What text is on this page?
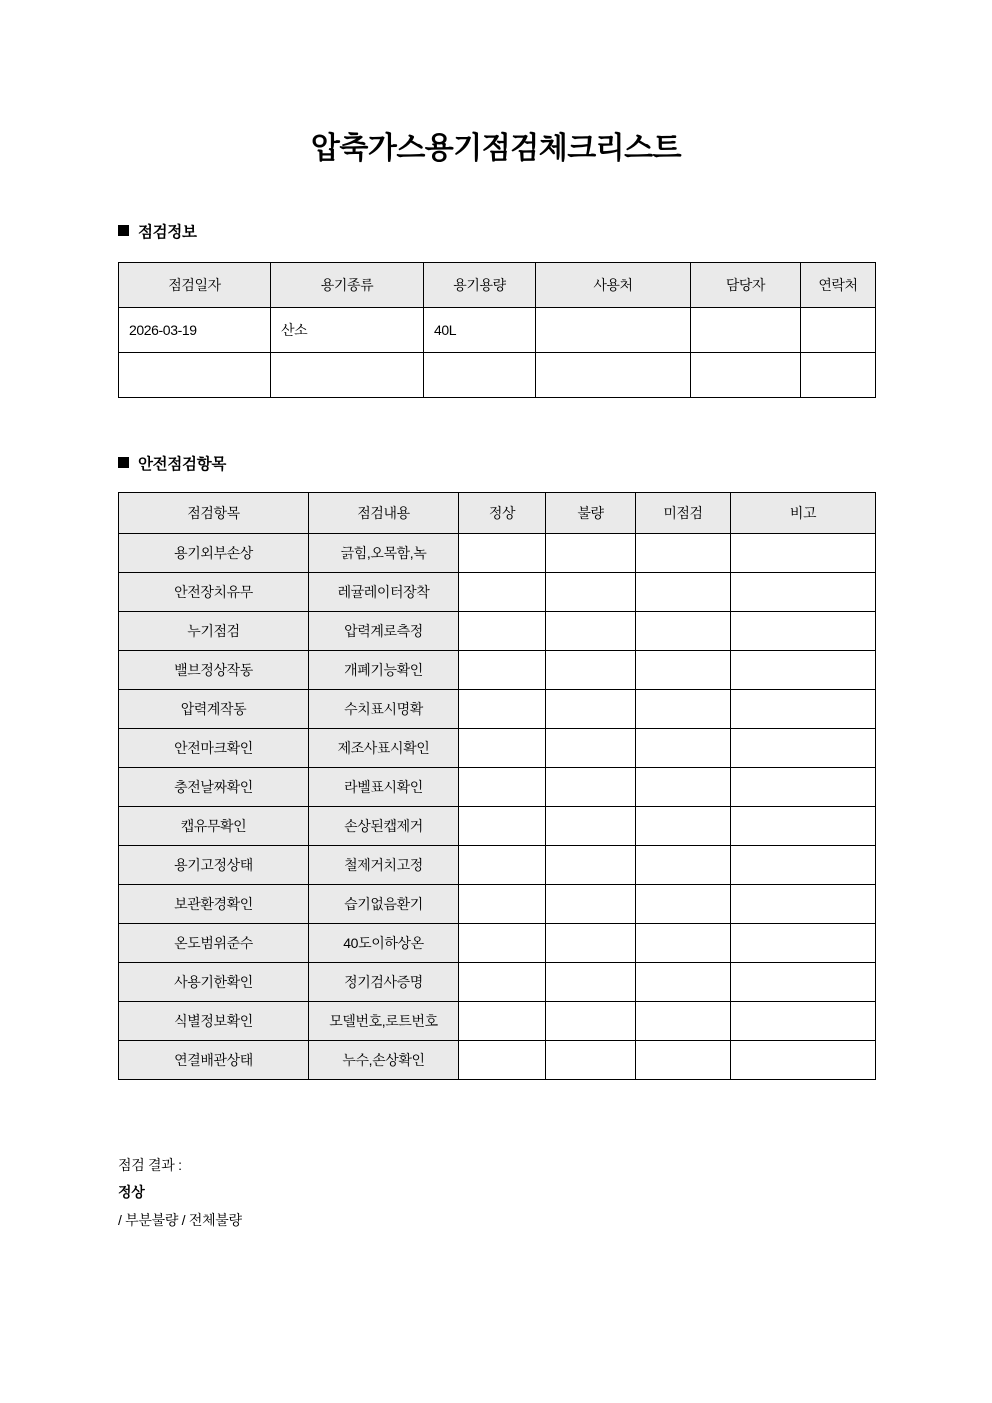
압축가스용기점검체크리스트
점검정보
점검일자	용기종류	용기용량	사용처	담당자	연락처
2026-03-19	산소	40L			

안전점검항목
점검항목	점검내용	정상	불량	미점검	비고
용기외부손상	긁힘,오목함,녹				
안전장치유무	레귤레이터장착				
누기점검	압력계로측정				
밸브정상작동	개폐기능확인				
압력계작동	수치표시명확				
안전마크확인	제조사표시확인				
충전날짜확인	라벨표시확인				
캡유무확인	손상된캡제거				
용기고정상태	철제거치고정				
보관환경확인	습기없음환기				
온도범위준수	40도이하상온				
사용기한확인	정기검사증명				
식별정보확인	모델번호,로트번호				
연결배관상태	누수,손상확인				
점검 결과 :
정상
/ 부분불량 / 전체불량
